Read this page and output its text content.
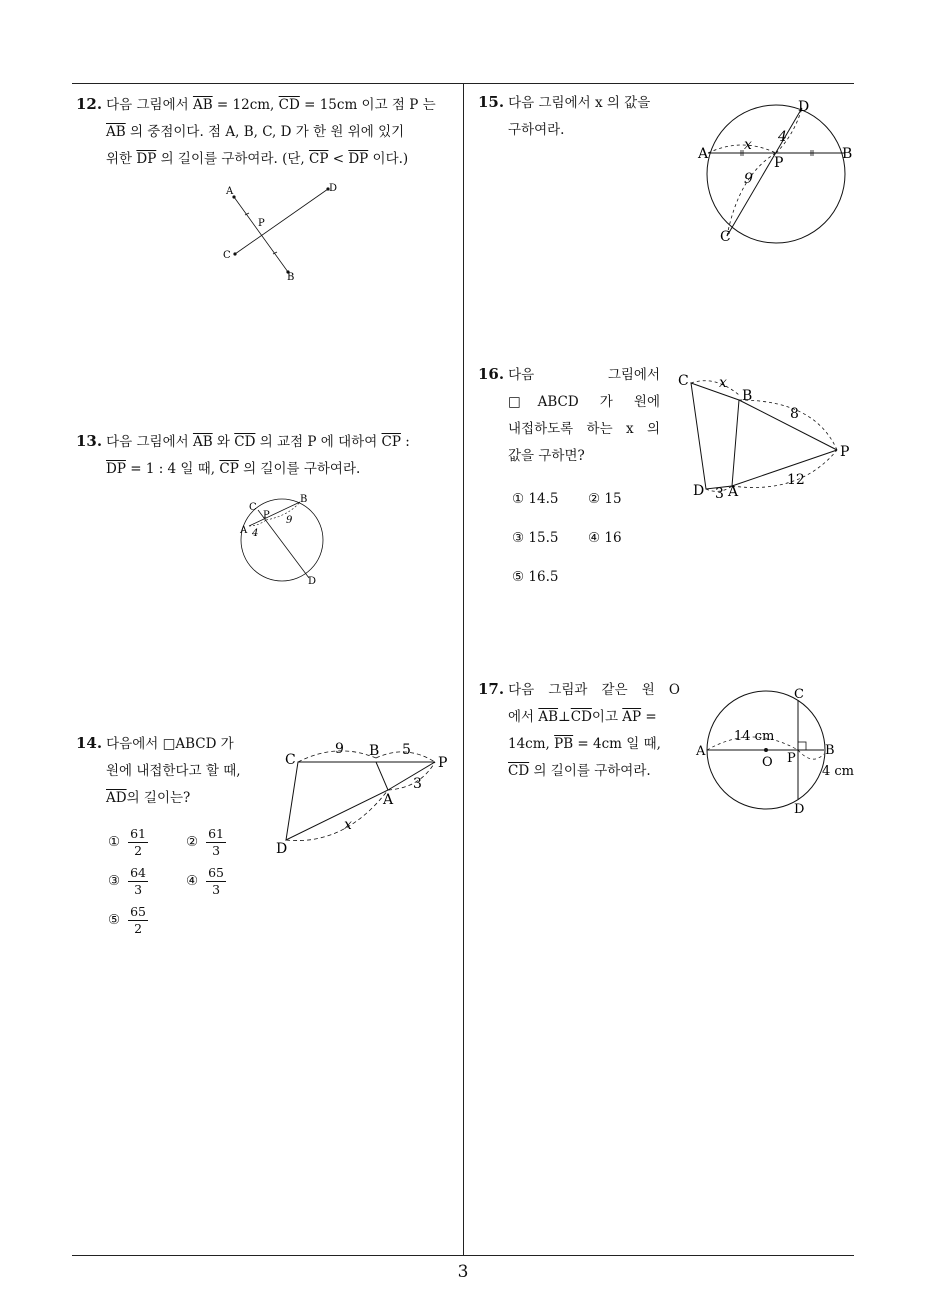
3
12. 다음 그림에서 $\overline{AB} = 12cm$, $\overline{CD} = 15cm$ 이고 점 P 는
$\overline{AB}$ 의 중점이다. 점 A, B, C, D 가 한 원 위에 있기
위한 $\overline{DP}$ 의 길이를 구하여라. (단, $\overline{CP} < \overline{DP}$ 이다.)
A
B
C
D
P
13. 다음 그림에서 $\overline{AB}$ 와 $\overline{CD}$ 의 교점 P 에 대하여 $\overline{CP}$ :
$\overline{DP} = 1$ : 4 일 때, $\overline{CP}$ 의 길이를 구하여라.
A
B
C
D
P
4
9
14. 다음에서 □ABCD 가
원에 내접한다고 할 때,
$\overline{AD}$의 길이는?
① $\frac{61}{2}$	② $\frac{61}{3}$
③ $\frac{64}{3}$	④ $\frac{65}{3}$
⑤ $\frac{65}{2}$
C
B
P
A
D
9	5
3
x
15. 다음 그림에서 x 의 값을
구하여라.
A	B
C
D
P
x 4
9
16. 다음 그림에서
□ABCD 가 원에
내접하도록 하는 x 의
값을 구하면?
① 14.5 ② 15
③ 15.5 ④ 16
⑤ 16.5
C
B
P
A
D
x
8
12
3
17. 다음 그림과 같은 원 O
에서 $\overline{AB}\perp\overline{CD}$이고 $\overline{AP}$ =
14cm, $\overline{PB} = 4cm$ 일 때,
$\overline{CD}$ 의 길이를 구하여라.
A	B
C
D
O P
14 cm
4 cm
